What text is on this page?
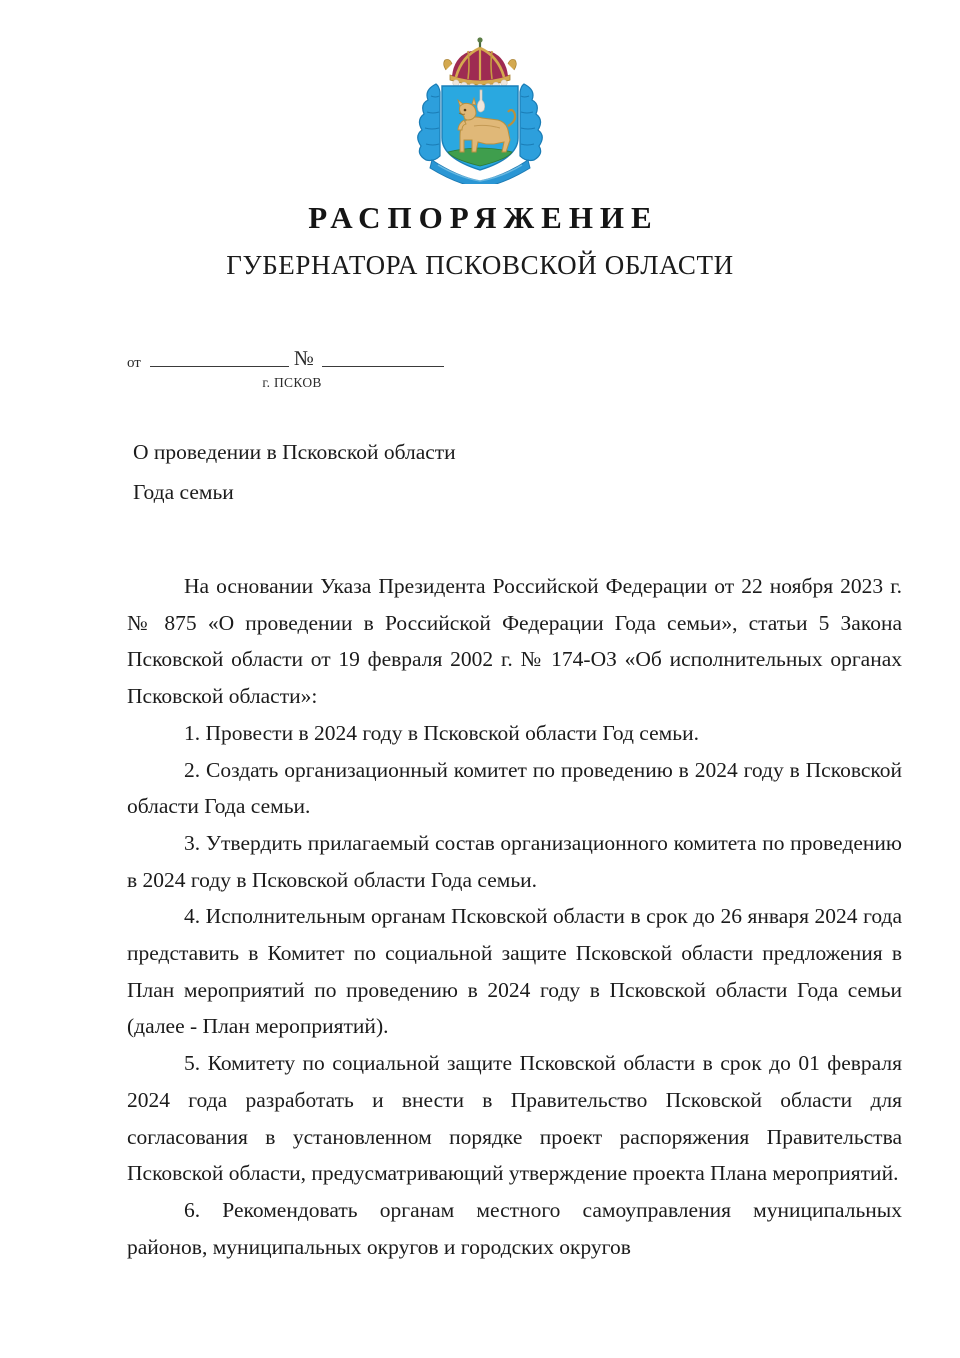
РАСПОРЯЖЕНИЕ
ГУБЕРНАТОРА ПСКОВСКОЙ ОБЛАСТИ
от	№
г. ПСКОВ
О проведении в Псковской области
Года семьи

На основании Указа Президента Российской Федерации от 22 ноября 2023 г. № 875 «О проведении в Российской Федерации Года семьи», статьи 5 Закона Псковской области от 19 февраля 2002 г. № 174-ОЗ «Об исполнительных органах Псковской области»:

1. Провести в 2024 году в Псковской области Год семьи.

2. Создать организационный комитет по проведению в 2024 году в Псковской области Года семьи.

3. Утвердить прилагаемый состав организационного комитета по проведению в 2024 году в Псковской области Года семьи.

4. Исполнительным органам Псковской области в срок до 26 января 2024 года представить в Комитет по социальной защите Псковской области предложения в План мероприятий по проведению в 2024 году в Псковской области Года семьи (далее - План мероприятий).

5. Комитету по социальной защите Псковской области в срок до 01 февраля 2024 года разработать и внести в Правительство Псковской области для согласования в установленном порядке проект распоряжения Правительства Псковской области, предусматривающий утверждение проекта Плана мероприятий.

6. Рекомендовать органам местного самоуправления муниципальных районов, муниципальных округов и городских округов
